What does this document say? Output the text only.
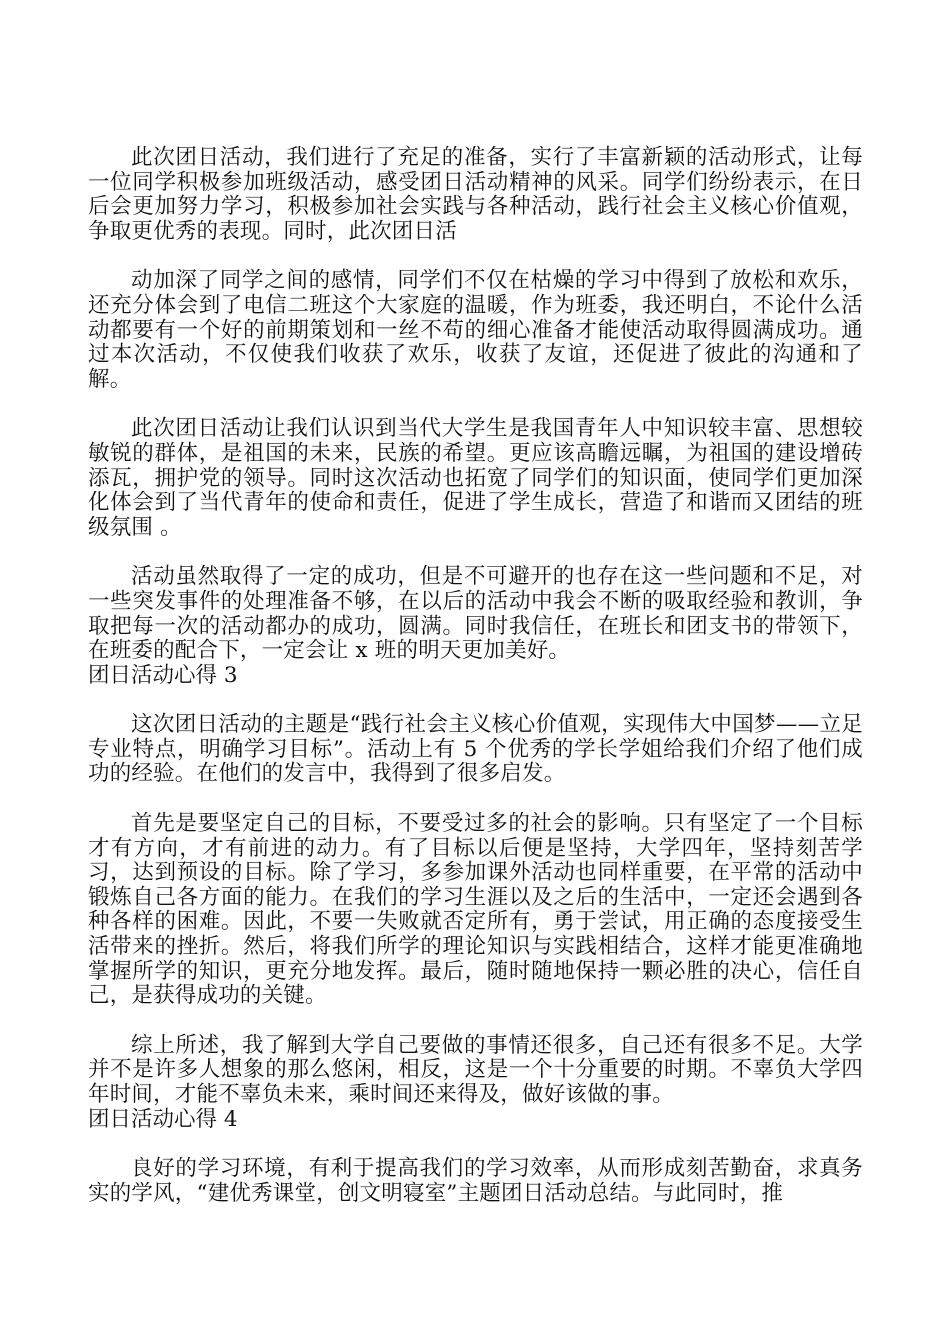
此次团日活动，我们进行了充足的准备，实行了丰富新颖的活动形式，让每一位同学积极参加班级活动，感受团日活动精神的风采。同学们纷纷表示，在日后会更加努力学习，积极参加社会实践与各种活动，践行社会主义核心价值观，争取更优秀的表现。同时，此次团日活

动加深了同学之间的感情，同学们不仅在枯燥的学习中得到了放松和欢乐，还充分体会到了电信二班这个大家庭的温暖，作为班委，我还明白，不论什么活动都要有一个好的前期策划和一丝不苟的细心准备才能使活动取得圆满成功。通过本次活动，不仅使我们收获了欢乐，收获了友谊，还促进了彼此的沟通和了解。

此次团日活动让我们认识到当代大学生是我国青年人中知识较丰富、思想较敏锐的群体，是祖国的未来，民族的希望。更应该高瞻远瞩，为祖国的建设增砖添瓦，拥护党的领导。同时这次活动也拓宽了同学们的知识面，使同学们更加深化体会到了当代青年的使命和责任，促进了学生成长，营造了和谐而又团结的班级氛围 。

活动虽然取得了一定的成功，但是不可避开的也存在这一些问题和不足，对一些突发事件的处理准备不够，在以后的活动中我会不断的吸取经验和教训，争取把每一次的活动都办的成功，圆满。同时我信任，在班长和团支书的带领下，在班委的配合下，一定会让 x 班的明天更加美好。

团日活动心得 3

这次团日活动的主题是“践行社会主义核心价值观，实现伟大中国梦——立足专业特点，明确学习目标”。活动上有 5 个优秀的学长学姐给我们介绍了他们成功的经验。在他们的发言中，我得到了很多启发。

首先是要坚定自己的目标，不要受过多的社会的影响。只有坚定了一个目标才有方向，才有前进的动力。有了目标以后便是坚持，大学四年，坚持刻苦学习，达到预设的目标。除了学习，多参加课外活动也同样重要，在平常的活动中锻炼自己各方面的能力。在我们的学习生涯以及之后的生活中，一定还会遇到各种各样的困难。因此，不要一失败就否定所有，勇于尝试，用正确的态度接受生活带来的挫折。然后，将我们所学的理论知识与实践相结合，这样才能更准确地掌握所学的知识，更充分地发挥。最后，随时随地保持一颗必胜的决心，信任自己，是获得成功的关键。

综上所述，我了解到大学自己要做的事情还很多，自己还有很多不足。大学并不是许多人想象的那么悠闲，相反，这是一个十分重要的时期。不辜负大学四年时间，才能不辜负未来，乘时间还来得及，做好该做的事。

团日活动心得 4

良好的学习环境，有利于提高我们的学习效率，从而形成刻苦勤奋，求真务实的学风，“建优秀课堂，创文明寝室”主题团日活动总结。与此同时，推
